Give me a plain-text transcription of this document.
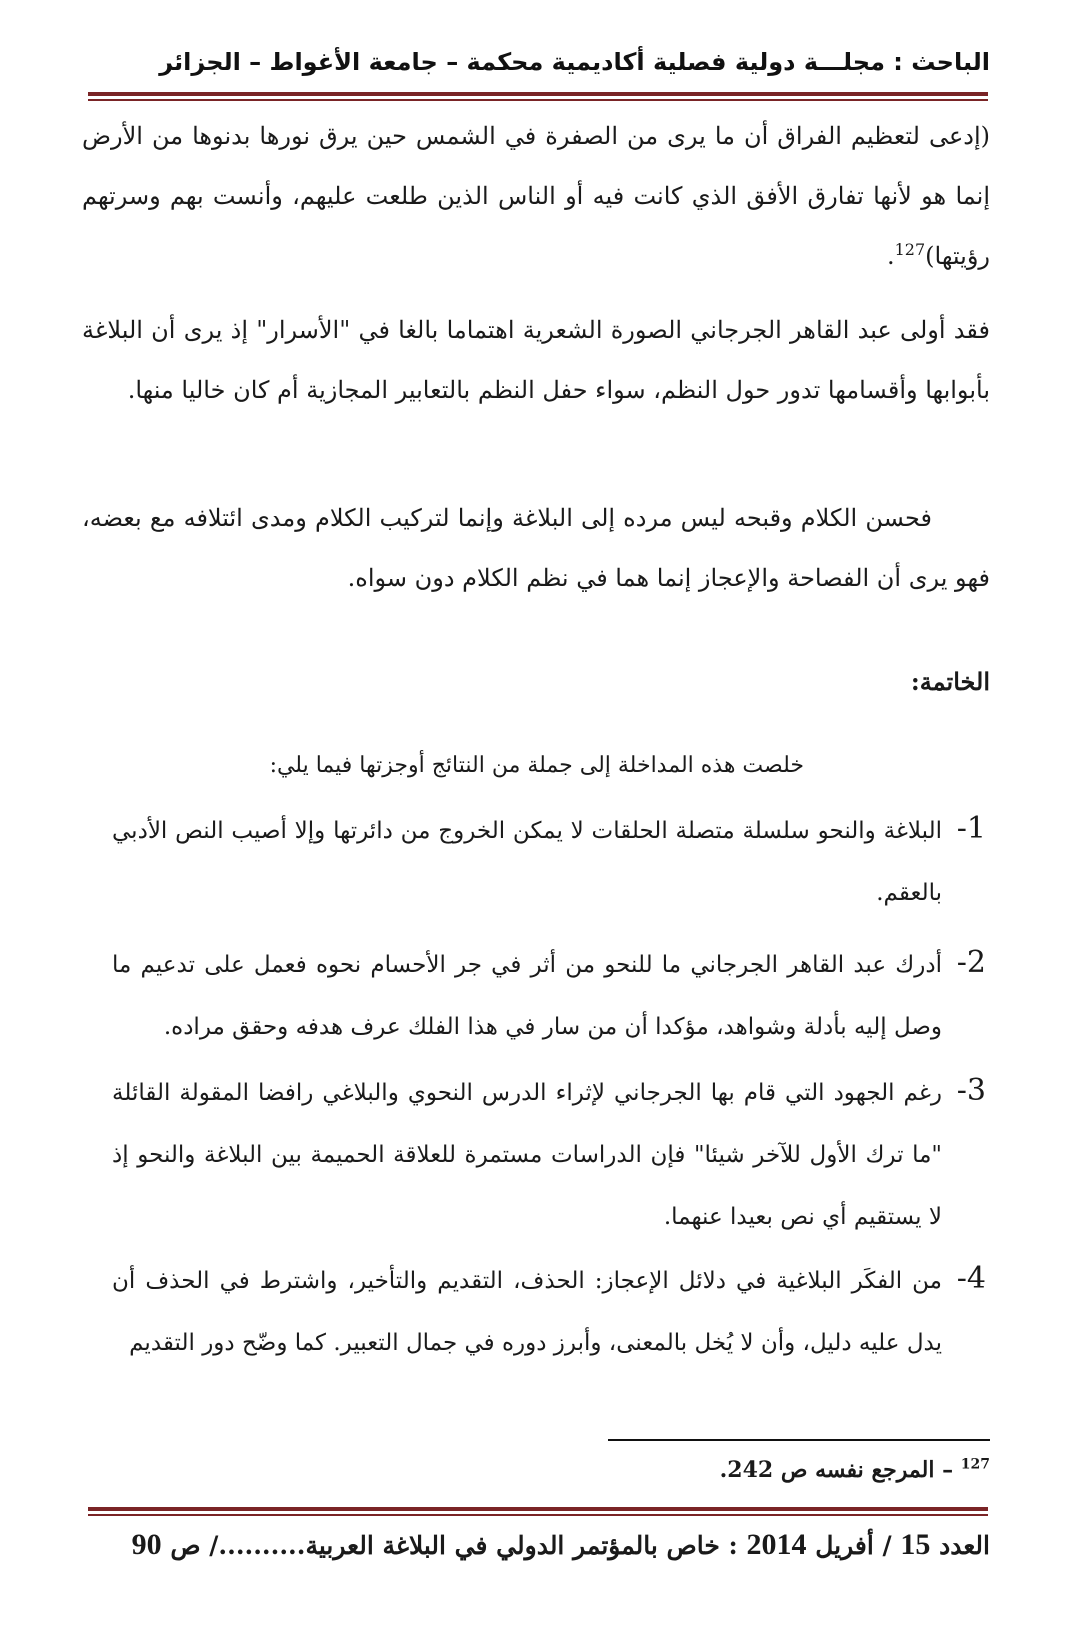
الباحث : مجلـــة دولية فصلية أكاديمية محكمة – جامعة الأغواط – الجزائر
(إدعى لتعظيم الفراق أن ما يرى من الصفرة في الشمس حين يرق نورها بدنوها من الأرض إنما هو لأنها تفارق الأفق الذي كانت فيه أو الناس الذين طلعت عليهم، وأنست بهم وسرتهم رؤيتها)$^{127}$.
فقد أولى عبد القاهر الجرجاني الصورة الشعرية اهتماما بالغا في "الأسرار" إذ يرى أن البلاغة بأبوابها وأقسامها تدور حول النظم، سواء حفل النظم بالتعابير المجازية أم كان خاليا منها.
فحسن الكلام وقبحه ليس مرده إلى البلاغة وإنما لتركيب الكلام ومدى ائتلافه مع بعضه، فهو يرى أن الفصاحة والإعجاز إنما هما في نظم الكلام دون سواه.
الخاتمة:
خلصت هذه المداخلة إلى جملة من النتائج أوجزتها فيما يلي:
1-
البلاغة والنحو سلسلة متصلة الحلقات لا يمكن الخروج من دائرتها وإلا أصيب النص الأدبي بالعقم.
2-
أدرك عبد القاهر الجرجاني ما للنحو من أثر في جر الأحسام نحوه فعمل على تدعيم ما وصل إليه بأدلة وشواهد، مؤكدا أن من سار في هذا الفلك عرف هدفه وحقق مراده.
3-
رغم الجهود التي قام بها الجرجاني لإثراء الدرس النحوي والبلاغي رافضا المقولة القائلة "ما ترك الأول للآخر شيئا" فإن الدراسات مستمرة للعلاقة الحميمة بين البلاغة والنحو إذ لا يستقيم أي نص بعيدا عنهما.
4-
من الفكَر البلاغية في دلائل الإعجاز: الحذف، التقديم والتأخير، واشترط في الحذف أن يدل عليه دليل، وأن لا يُخل بالمعنى، وأبرز دوره في جمال التعبير. كما وضّح دور التقديم
$^{127}$ – المرجع نفسه ص 242.
العدد 15 / أفريل 2014 : خاص بالمؤتمر الدولي في البلاغة العربية........../ ص 90
